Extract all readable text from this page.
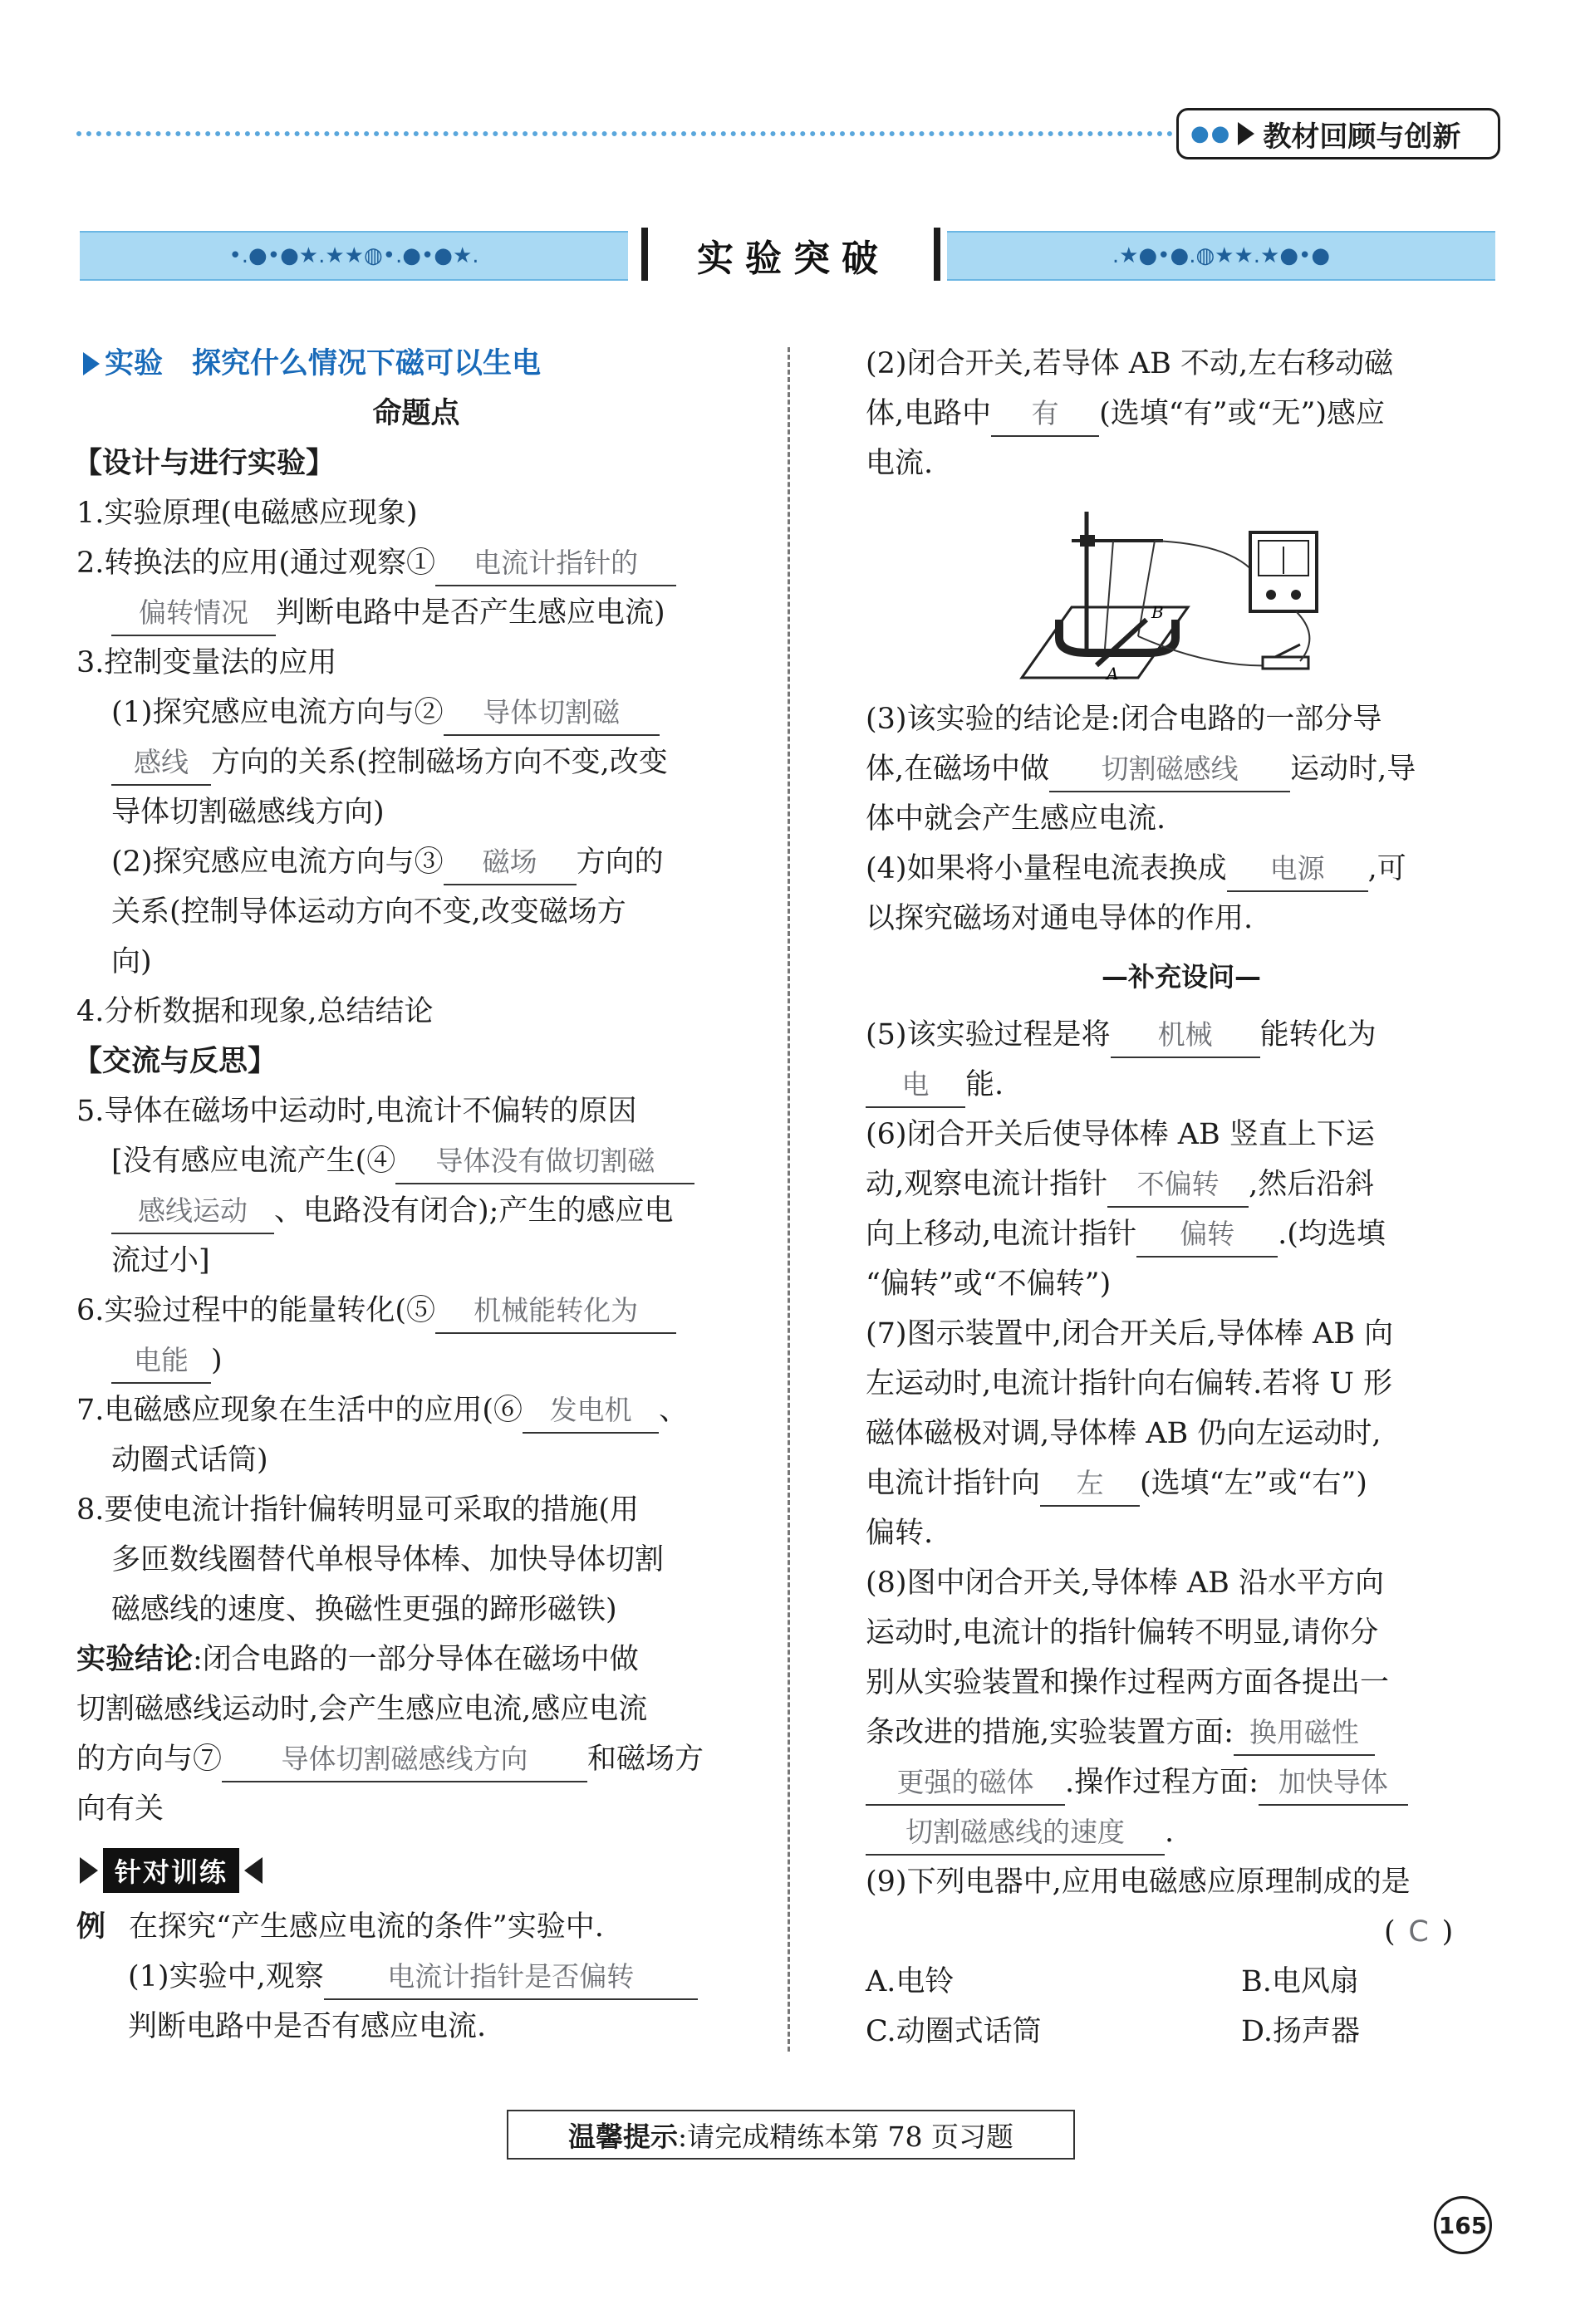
●● 教材回顾与创新
•.●•●★.★★◍•.●•●★.	实验突破	.★●•●.◍★★.★●•●
实验　探究什么情况下磁可以生电
命题点
【设计与进行实验】
1.实验原理(电磁感应现象)
2.转换法的应用(通过观察① 电流计指针的
偏转情况 判断电路中是否产生感应电流)
3.控制变量法的应用
(1)探究感应电流方向与② 导体切割磁
感线 方向的关系(控制磁场方向不变,改变
导体切割磁感线方向)
(2)探究感应电流方向与③ 磁场 方向的
关系(控制导体运动方向不变,改变磁场方
向)
4.分析数据和现象,总结结论
【交流与反思】
5.导体在磁场中运动时,电流计不偏转的原因
[没有感应电流产生(④ 导体没有做切割磁
感线运动 、电路没有闭合);产生的感应电
流过小]
6.实验过程中的能量转化(⑤ 机械能转化为
电能 )
7.电磁感应现象在生活中的应用(⑥ 发电机 、
动圈式话筒)
8.要使电流计指针偏转明显可采取的措施(用
多匝数线圈替代单根导体棒、加快导体切割
磁感线的速度、换磁性更强的蹄形磁铁)
实验结论:闭合电路的一部分导体在磁场中做
切割磁感线运动时,会产生感应电流,感应电流
的方向与⑦ 导体切割磁感线方向 和磁场方
向有关
针对训练
例 在探究“产生感应电流的条件”实验中.
(1)实验中,观察 电流计指针是否偏转
判断电路中是否有感应电流.
(2)闭合开关,若导体 AB 不动,左右移动磁
体,电路中 有 (选填“有”或“无”)感应
电流.
A
B
(3)该实验的结论是:闭合电路的一部分导
体,在磁场中做 切割磁感线 运动时,导
体中就会产生感应电流.
(4)如果将小量程电流表换成 电源 ,可
以探究磁场对通电导体的作用.
—补充设问—
(5)该实验过程是将 机械 能转化为
电 能.
(6)闭合开关后使导体棒 AB 竖直上下运
动,观察电流计指针 不偏转 ,然后沿斜
向上移动,电流计指针 偏转 .(均选填
“偏转”或“不偏转”)
(7)图示装置中,闭合开关后,导体棒 AB 向
左运动时,电流计指针向右偏转.若将 U 形
磁体磁极对调,导体棒 AB 仍向左运动时,
电流计指针向 左 (选填“左”或“右”)
偏转.
(8)图中闭合开关,导体棒 AB 沿水平方向
运动时,电流计的指针偏转不明显,请你分
别从实验装置和操作过程两方面各提出一
条改进的措施,实验装置方面: 换用磁性
更强的磁体 .操作过程方面: 加快导体
切割磁感线的速度 .
(9)下列电器中,应用电磁感应原理制成的是
( C )
A.电铃	B.电风扇
C.动圈式话筒	D.扬声器
温馨提示 :请完成精练本第 78 页习题
165
